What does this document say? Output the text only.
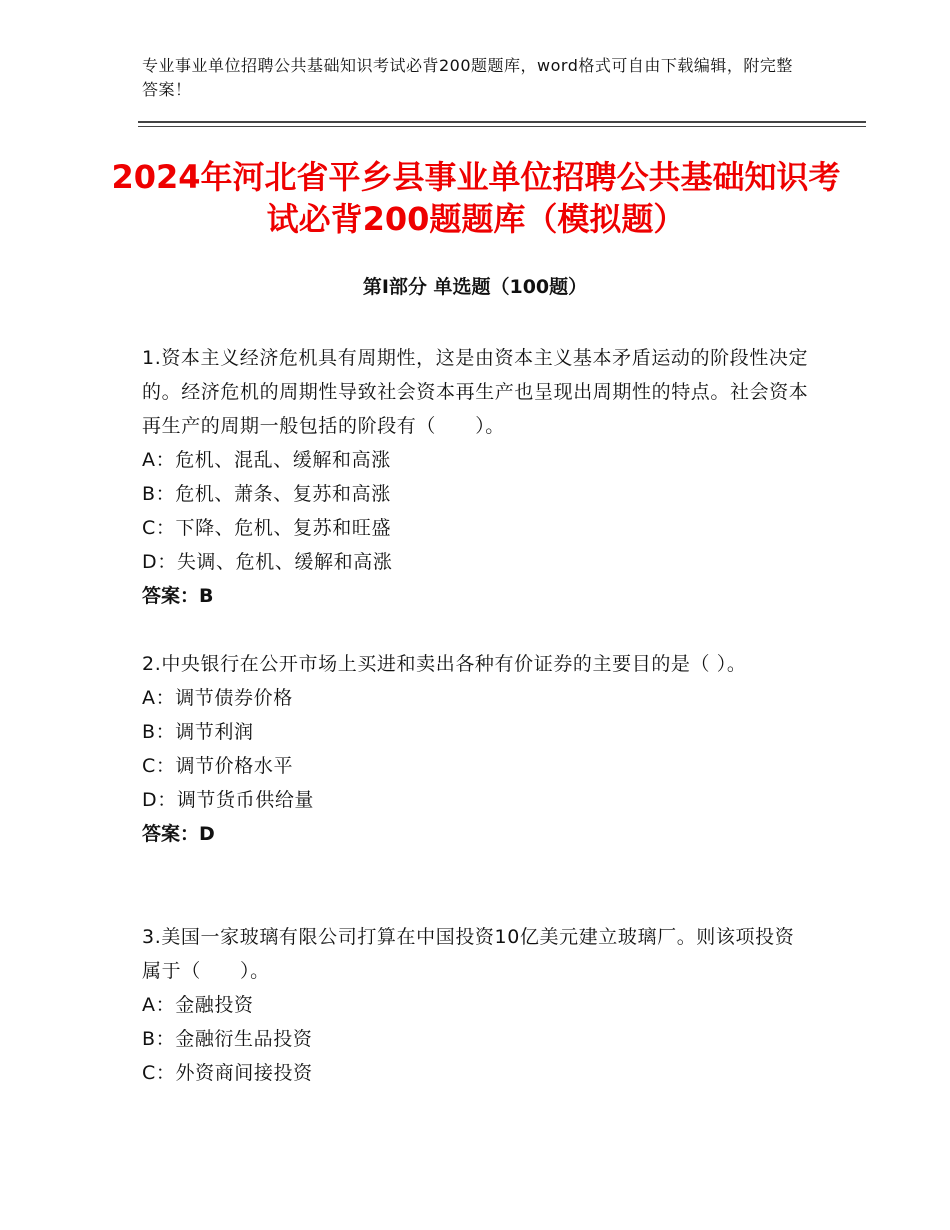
专业事业单位招聘公共基础知识考试必背200题题库，word格式可自由下载编辑，附完整答案！
2024年河北省平乡县事业单位招聘公共基础知识考试必背200题题库（模拟题）
第Ⅰ部分 单选题（100题）
1.资本主义经济危机具有周期性，这是由资本主义基本矛盾运动的阶段性决定的。经济危机的周期性导致社会资本再生产也呈现出周期性的特点。社会资本再生产的周期一般包括的阶段有（　　）。
A：危机、混乱、缓解和高涨
B：危机、萧条、复苏和高涨
C：下降、危机、复苏和旺盛
D：失调、危机、缓解和高涨
答案：B
2.中央银行在公开市场上买进和卖出各种有价证券的主要目的是（ ）。
A：调节债券价格
B：调节利润
C：调节价格水平
D：调节货币供给量
答案：D
3.美国一家玻璃有限公司打算在中国投资10亿美元建立玻璃厂。则该项投资属于（　　）。
A：金融投资
B：金融衍生品投资
C：外资商间接投资
